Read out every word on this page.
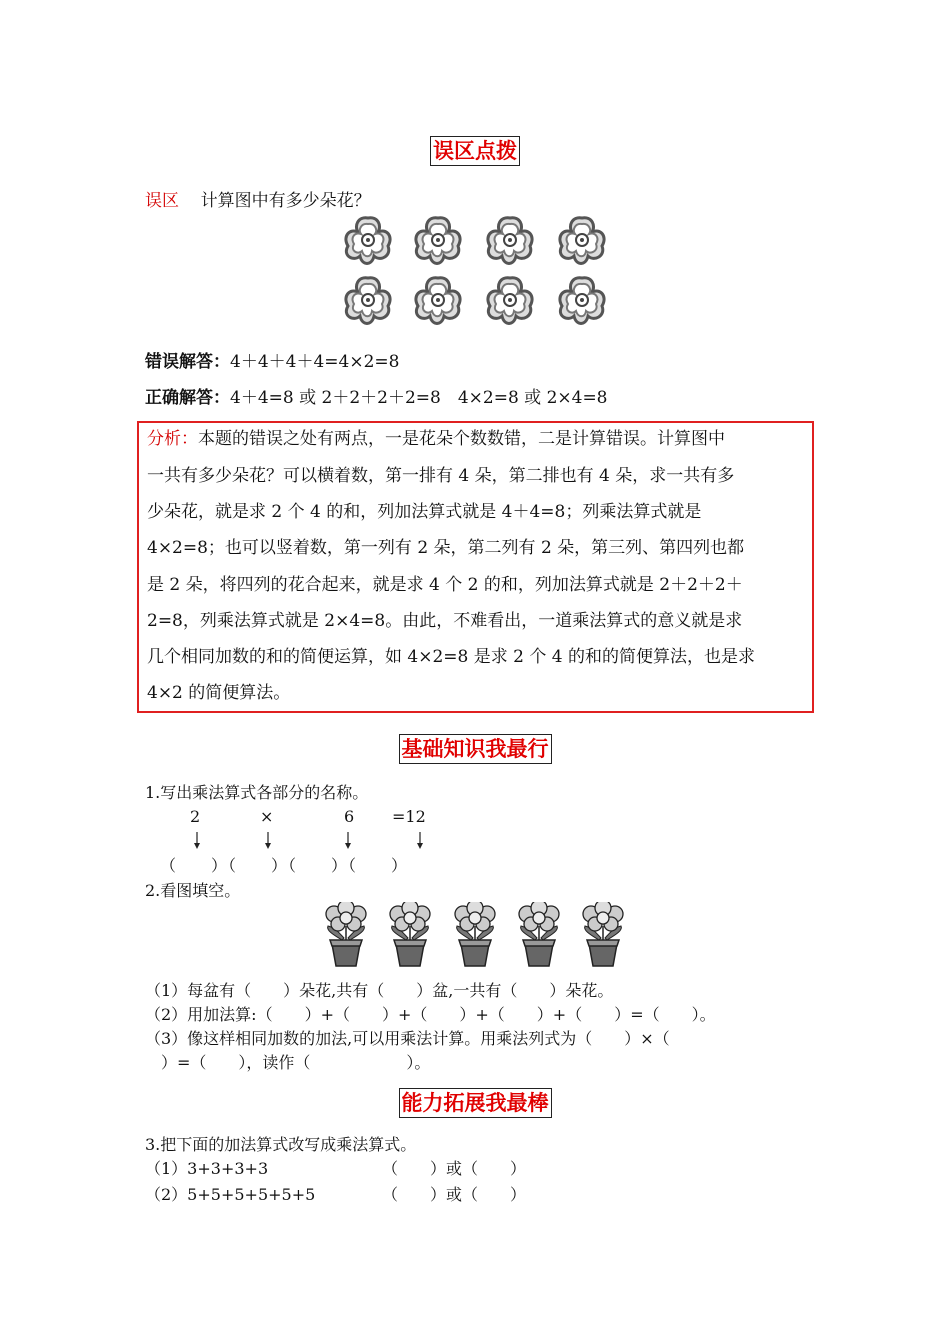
误区点拨
误区 计算图中有多少朵花？
错误解答：4＋4＋4＋4=4×2=8
正确解答：4＋4=8 或 2＋2＋2＋2=8　4×2=8 或 2×4=8
分析：本题的错误之处有两点，一是花朵个数数错，二是计算错误。计算图中
一共有多少朵花？可以横着数，第一排有 4 朵，第二排也有 4 朵，求一共有多
少朵花，就是求 2 个 4 的和，列加法算式就是 4＋4=8；列乘法算式就是
4×2=8；也可以竖着数，第一列有 2 朵，第二列有 2 朵，第三列、第四列也都
是 2 朵，将四列的花合起来，就是求 4 个 2 的和，列加法算式就是 2＋2＋2＋
2=8，列乘法算式就是 2×4=8。由此，不难看出，一道乘法算式的意义就是求
几个相同加数的和的简便运算，如 4×2=8 是求 2 个 4 的和的简便算法，也是求
4×2 的简便算法。
基础知识我最行
1.写出乘法算式各部分的名称。
2	×	6 =12
（　　）（　　）（　　）（　　）
2.看图填空。
（1）每盆有（　　）朵花,共有（　　）盆,一共有（　　）朵花。
（2）用加法算:（　　）+（　　）+（　　）+（　　）+（　　）=（　　）。
（3）像这样相同加数的加法,可以用乘法计算。用乘法列式为（　　）×（
　）=（　　），读作（　　　　　　）。
能力拓展我最棒
3.把下面的加法算式改写成乘法算式。
（1）3+3+3+3	（　　）或（　　）
（2）5+5+5+5+5+5	（　　）或（　　）
